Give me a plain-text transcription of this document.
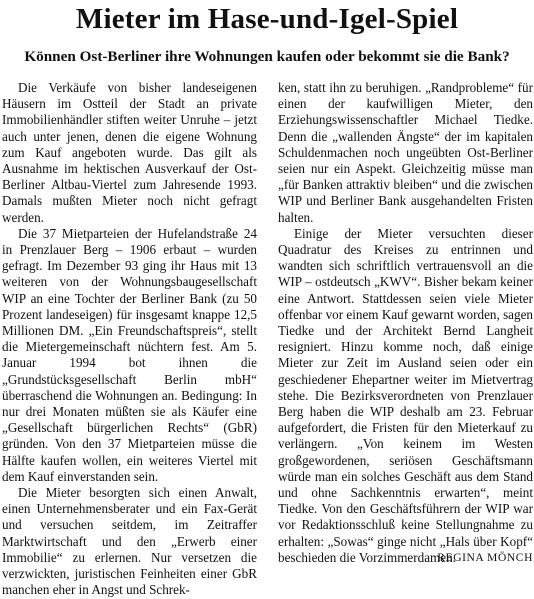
Mieter im Hase-und-Igel-Spiel
Können Ost-Berliner ihre Wohnungen kaufen oder bekommt sie die Bank?

Die Verkäufe von bisher landeseigenen Häusern im Ostteil der Stadt an private Immobilienhändler stiften weiter Unruhe – jetzt auch unter jenen, denen die eigene Wohnung zum Kauf angeboten wurde. Das gilt als Ausnahme im hektischen Ausverkauf der Ost-Berliner Altbau-Viertel zum Jahresende 1993. Damals mußten Mieter noch nicht gefragt werden.

Die 37 Mietparteien der Hufelandstraße 24 in Prenzlauer Berg – 1906 erbaut – wurden gefragt. Im Dezember 93 ging ihr Haus mit 13 weiteren von der Wohnungsbaugesellschaft WIP an eine Tochter der Berliner Bank (zu 50 Prozent landeseigen) für insgesamt knappe 12,5 Millionen DM. „Ein Freundschaftspreis“, stellt die Mietergemeinschaft nüchtern fest. Am 5. Januar 1994 bot ihnen die „Grundstücksgesellschaft Berlin mbH“ überraschend die Wohnungen an. Bedingung: In nur drei Monaten müßten sie als Käufer eine „Gesellschaft bürgerlichen Rechts“ (GbR) gründen. Von den 37 Mietparteien müsse die Hälfte kaufen wollen, ein weiteres Viertel mit dem Kauf einverstanden sein.

Die Mieter besorgten sich einen Anwalt, einen Unternehmensberater und ein Fax-Gerät und versuchen seitdem, im Zeitraffer Marktwirtschaft und den „Erwerb einer Immobilie“ zu erlernen. Nur versetzen die verzwickten, juristischen Feinheiten einer GbR manchen eher in Angst und Schrek-

ken, statt ihn zu beruhigen. „Randprobleme“ für einen der kaufwilligen Mieter, den Erziehungswissenschaftler Michael Tiedke. Denn die „wallenden Ängste“ der im kapitalen Schuldenmachen noch ungeübten Ost-Berliner seien nur ein Aspekt. Gleichzeitig müsse man „für Banken attraktiv bleiben“ und die zwischen WIP und Berliner Bank ausgehandelten Fristen halten.

Einige der Mieter versuchten dieser Quadratur des Kreises zu entrinnen und wandten sich schriftlich vertrauensvoll an die WIP – ostdeutsch „KWV“. Bisher bekam keiner eine Antwort. Stattdessen seien viele Mieter offenbar vor einem Kauf gewarnt worden, sagen Tiedke und der Architekt Bernd Langheit resigniert. Hinzu komme noch, daß einige Mieter zur Zeit im Ausland seien oder ein geschiedener Ehepartner weiter im Mietvertrag stehe. Die Bezirksverordneten von Prenzlauer Berg haben die WIP deshalb am 23. Februar aufgefordert, die Fristen für den Mieterkauf zu verlängern. „Von keinem im Westen großgewordenen, seriösen Geschäftsmann würde man ein solches Geschäft aus dem Stand und ohne Sachkenntnis erwarten“, meint Tiedke. Von den Geschäftsführern der WIP war vor Redaktionsschluß keine Stellungnahme zu erhalten: „Sowas“ ginge nicht „Hals über Kopf“ beschieden die Vorzimmerdamen.

REGINA MÖNCH
